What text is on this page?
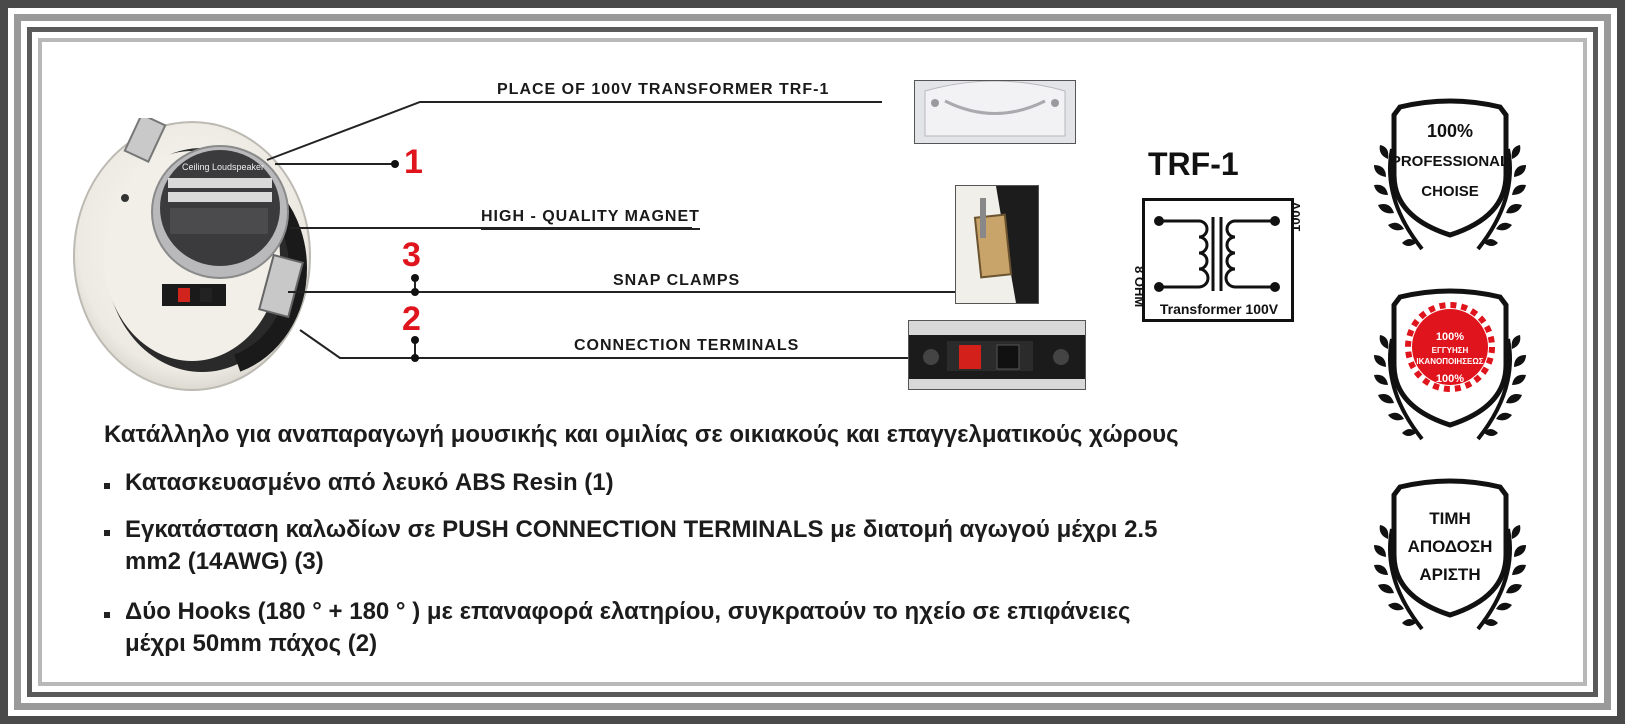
Ceiling Loudspeaker
PLACE OF 100V TRANSFORMER TRF-1
HIGH - QUALITY MAGNET
SNAP CLAMPS
CONNECTION TERMINALS
1
3
2
TRF-1
8 OHM
100V
Transformer 100V
Κατάλληλο για αναπαραγωγή μουσικής και ομιλίας σε οικιακούς και επαγγελματικούς χώρους
Κατασκευασμένο από λευκό ABS Resin (1)
Εγκατάσταση καλωδίων σε PUSH CONNECTION TERMINALS με διατομή αγωγού μέχρι 2.5
mm2 (14AWG) (3)
Δύο Hooks (180 ° + 180 ° ) με επαναφορά ελατηρίου, συγκρατούν το ηχείο σε επιφάνειες
μέχρι 50mm πάχος (2)
100%
PROFESSIONAL
CHOISE
100%
ΕΓΓΥΗΣΗ
ΙΚΑΝΟΠΟΙΗΣΕΩΣ
100%
ΤΙΜΗ
ΑΠΟΔΟΣΗ
ΑΡΙΣΤΗ
